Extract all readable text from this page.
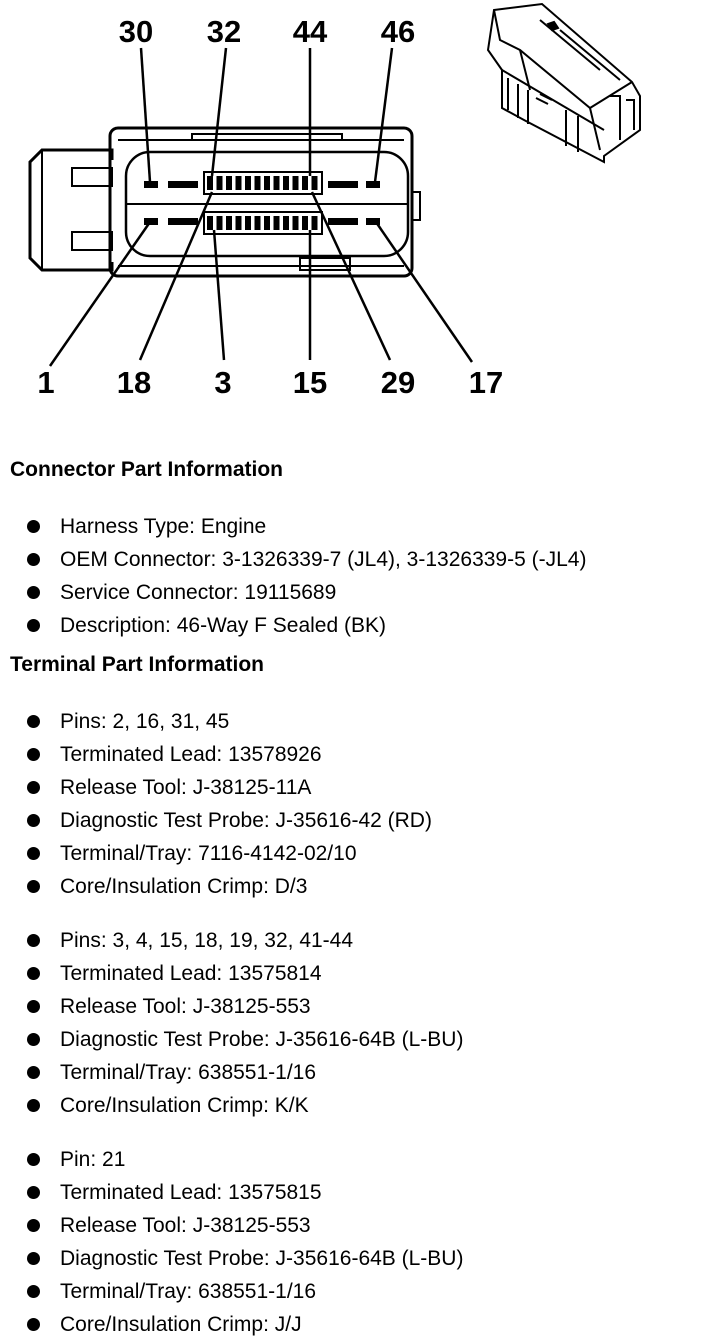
30 32 44 46
1 18 3 15 29 17
Connector Part Information
Harness Type: Engine
OEM Connector: 3-1326339-7 (JL4), 3-1326339-5 (-JL4)
Service Connector: 19115689
Description: 46-Way F Sealed (BK)
Terminal Part Information
Pins: 2, 16, 31, 45
Terminated Lead: 13578926
Release Tool: J-38125-11A
Diagnostic Test Probe: J-35616-42 (RD)
Terminal/Tray: 7116-4142-02/10
Core/Insulation Crimp: D/3
Pins: 3, 4, 15, 18, 19, 32, 41-44
Terminated Lead: 13575814
Release Tool: J-38125-553
Diagnostic Test Probe: J-35616-64B (L-BU)
Terminal/Tray: 638551-1/16
Core/Insulation Crimp: K/K
Pin: 21
Terminated Lead: 13575815
Release Tool: J-38125-553
Diagnostic Test Probe: J-35616-64B (L-BU)
Terminal/Tray: 638551-1/16
Core/Insulation Crimp: J/J
